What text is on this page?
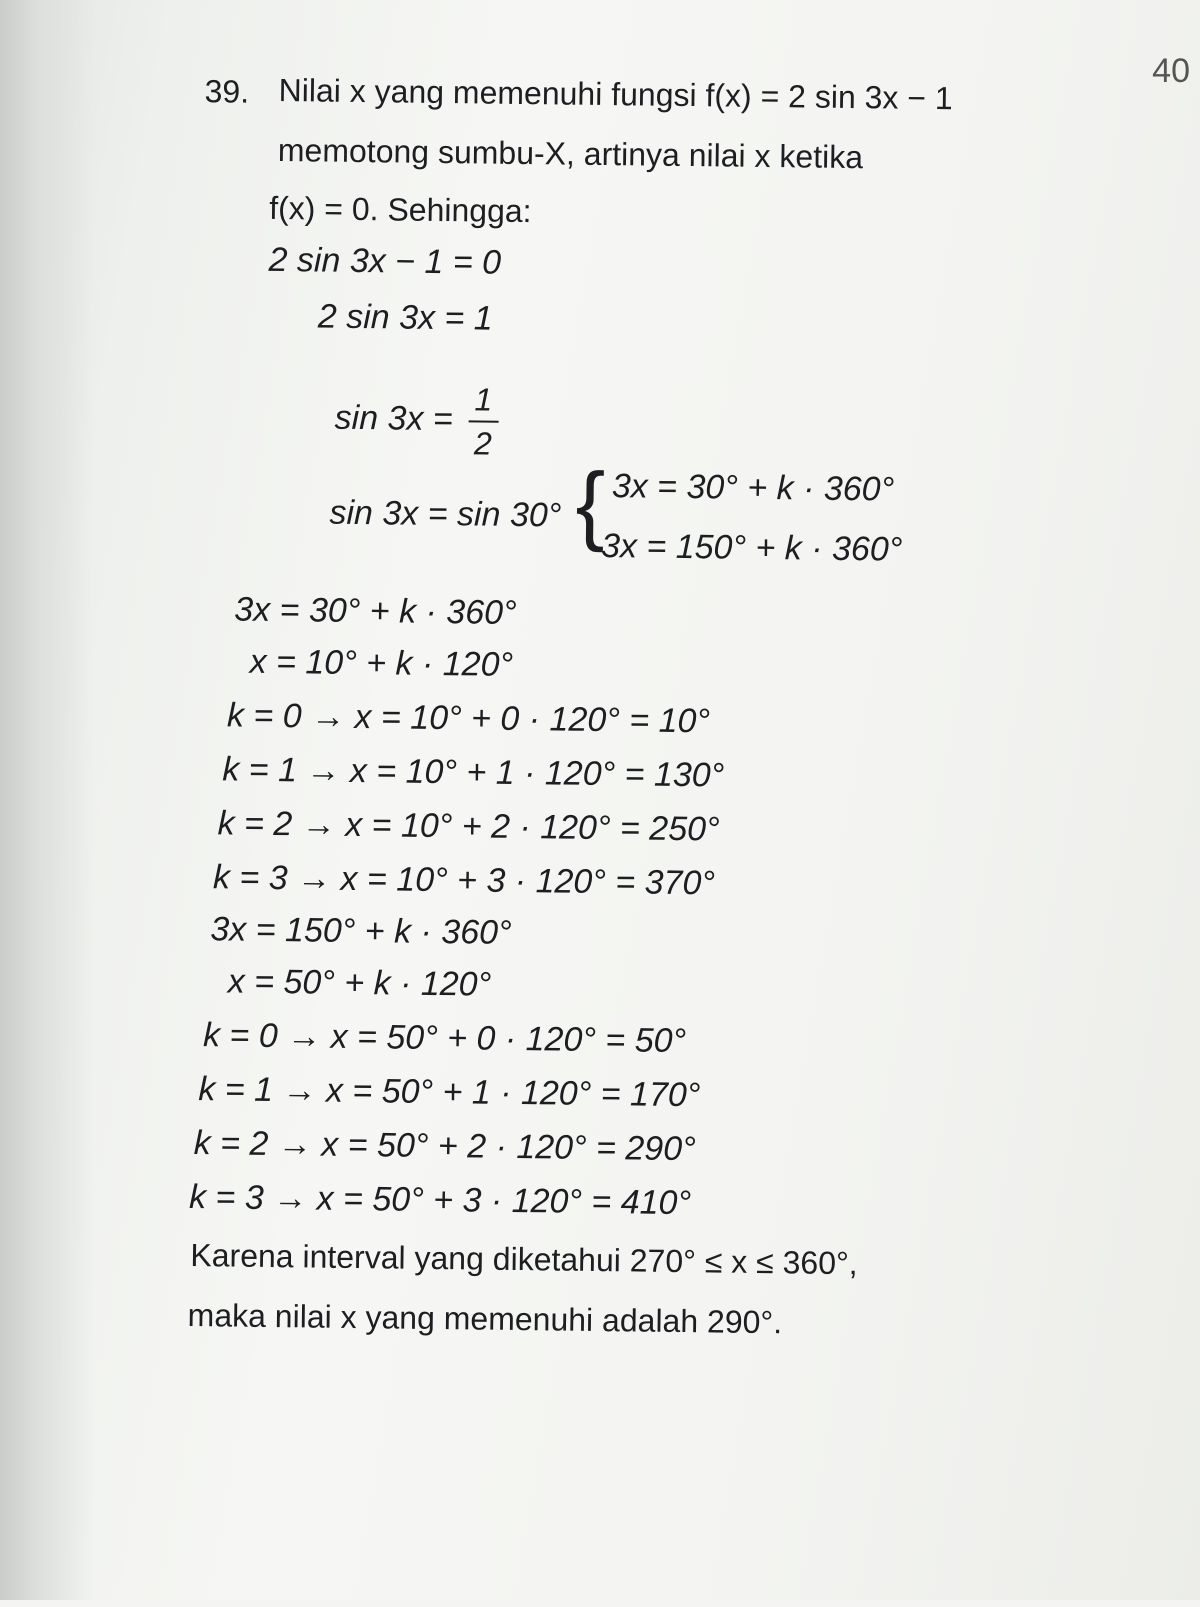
40
39. Nilai x yang memenuhi fungsi f(x) = 2 sin 3x − 1
memotong sumbu-X, artinya nilai x ketika
f(x) = 0. Sehingga:
2 sin 3x − 1 = 0
2 sin 3x = 1
$\sin 3x = \frac{1}{2}$
sin 3x = sin 30° { 3x = 30° + k · 360°
3x = 150° + k · 360°
3x = 30° + k · 360°
x = 10° + k · 120°
k = 0 → x = 10° + 0 · 120° = 10°
k = 1 → x = 10° + 1 · 120° = 130°
k = 2 → x = 10° + 2 · 120° = 250°
k = 3 → x = 10° + 3 · 120° = 370°
3x = 150° + k · 360°
x = 50° + k · 120°
k = 0 → x = 50° + 0 · 120° = 50°
k = 1 → x = 50° + 1 · 120° = 170°
k = 2 → x = 50° + 2 · 120° = 290°
k = 3 → x = 50° + 3 · 120° = 410°
Karena interval yang diketahui 270° ≤ x ≤ 360°,
maka nilai x yang memenuhi adalah 290°.
